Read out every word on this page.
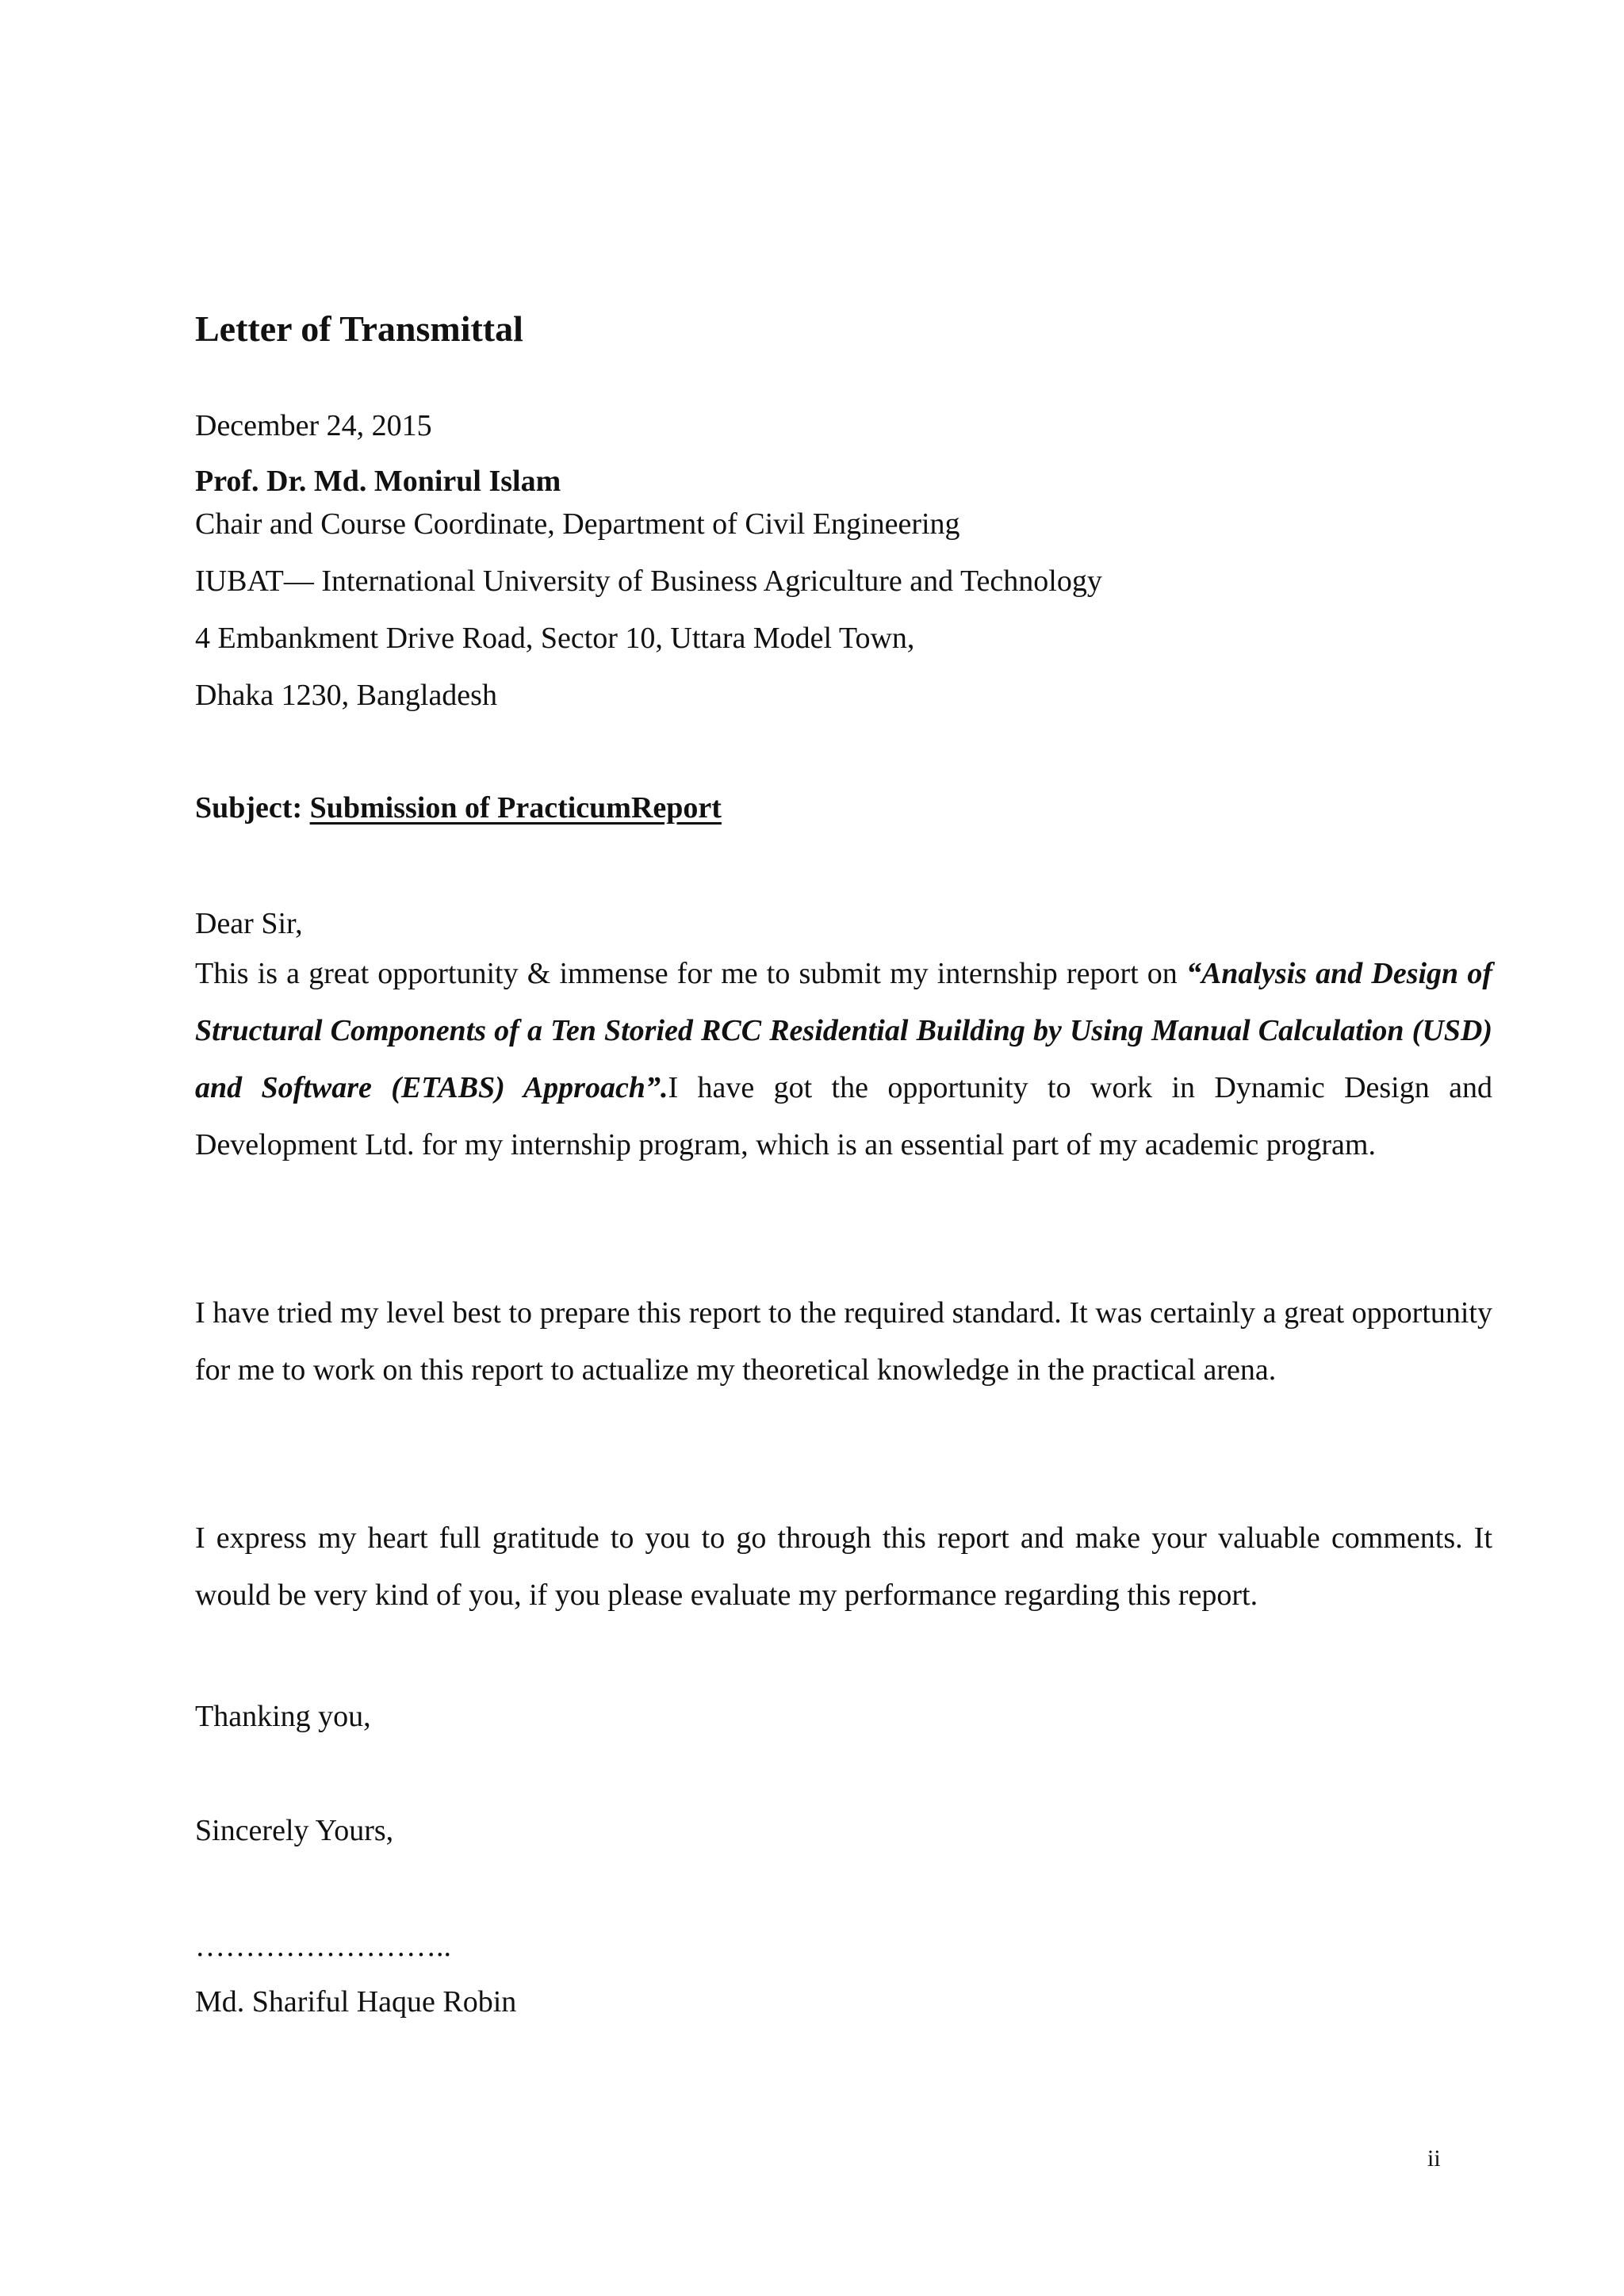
Letter of Transmittal
December 24, 2015
Prof. Dr. Md. Monirul Islam
Chair and Course Coordinate, Department of Civil Engineering
IUBAT— International University of Business Agriculture and Technology
4 Embankment Drive Road, Sector 10, Uttara Model Town,
Dhaka 1230, Bangladesh
Subject: Submission of PracticumReport
Dear Sir,
This is a great opportunity & immense for me to submit my internship report on “Analysis and Design of Structural Components of a Ten Storied RCC Residential Building by Using Manual Calculation (USD) and Software (ETABS) Approach”.I have got the opportunity to work in Dynamic Design and Development Ltd. for my internship program, which is an essential part of my academic program.
I have tried my level best to prepare this report to the required standard. It was certainly a great opportunity for me to work on this report to actualize my theoretical knowledge in the practical arena.
I express my heart full gratitude to you to go through this report and make your valuable comments. It would be very kind of you, if you please evaluate my performance regarding this report.
Thanking you,
Sincerely Yours,
……………………..
Md. Shariful Haque Robin
ii
